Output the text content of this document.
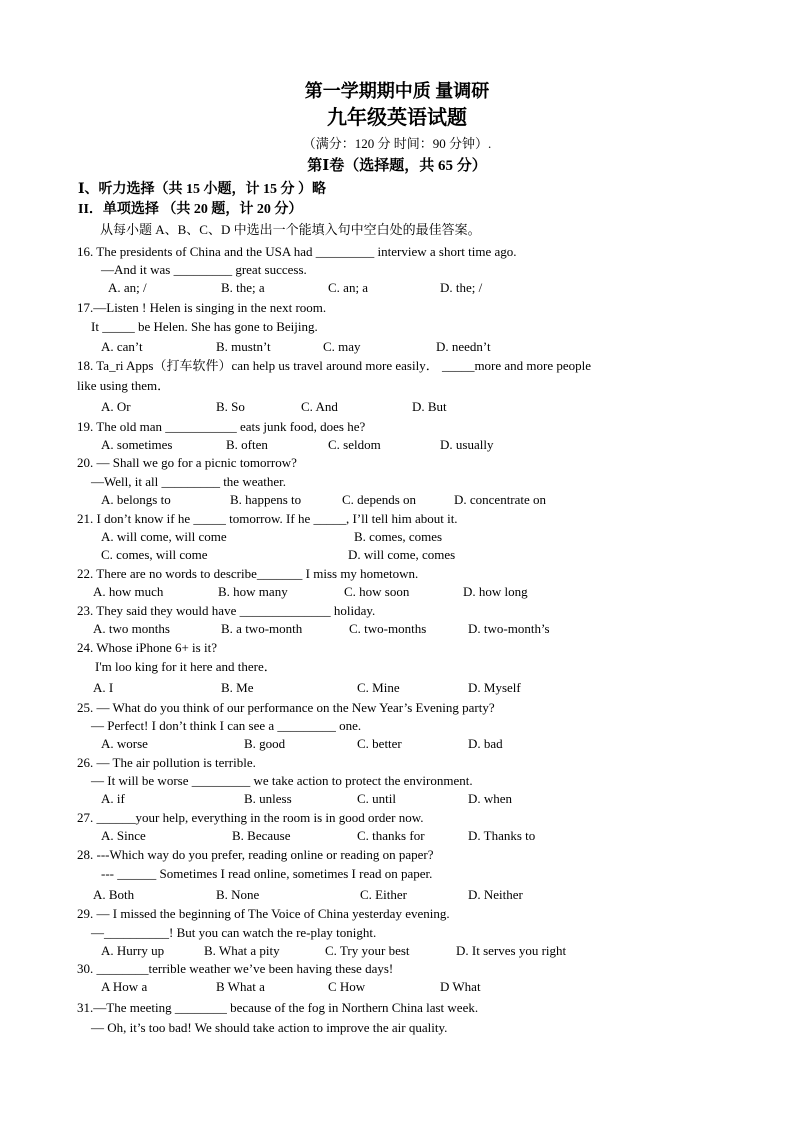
第一学期期中质 量调研
九年级英语试题
（满分：120 分 时间：90 分钟）.
第Ⅰ卷（选择题，共 65 分）
Ⅰ、听力选择（共 15 小题，计 15 分 ）略
II．单项选择 （共 20 题，计 20 分）
从每小题 A、B、C、D 中选出一个能填入句中空白处的最佳答案。
16. The presidents of China and the USA had _________ interview a short time ago.
—And it was _________ great success.
A. an; /	B. the; a	C. an; a	D. the; /
17.—Listen ! Helen is singing in the next room.
It _____ be Helen. She has gone to Beijing.
A. can’t	B. mustn’t	C. may	D. needn’t
18. Ta_ri Apps（打车软件）can help us travel around more easily． _____more and more people
like using them．
A. Or	B. So	C. And	D. But
19. The old man ___________ eats junk food, does he?
A. sometimes	B. often	C. seldom	D. usually
20. — Shall we go for a picnic tomorrow?
—Well, it all _________ the weather.
A. belongs to	B. happens to	C. depends on	D. concentrate on
21. I don’t know if he _____ tomorrow. If he _____, I’ll tell him about it.
A. will come, will come	B. comes, comes
C. comes, will come	D. will come, comes
22. There are no words to describe_______ I miss my hometown.
A. how much	B. how many	C. how soon	D. how long
23. They said they would have ______________ holiday.
A. two months	B. a two-month	C. two-months	D. two-month’s
24. Whose iPhone 6+ is it?
I'm loo king for it here and there．
A. I	B. Me	C. Mine	D. Myself
25. — What do you think of our performance on the New Year’s Evening party?
— Perfect! I don’t think I can see a _________ one.
A. worse	B. good	C. better	D. bad
26. — The air pollution is terrible.
— It will be worse _________ we take action to protect the environment.
A. if	B. unless	C. until	D. when
27. ______your help, everything in the room is in good order now.
A. Since	B. Because	C. thanks for	D. Thanks to
28. ---Which way do you prefer, reading online or reading on paper?
--- ______ Sometimes I read online, sometimes I read on paper.
A. Both	B. None	C. Either	D. Neither
29. — I missed the beginning of The Voice of China yesterday evening.
—__________! But you can watch the re-play tonight.
A. Hurry up	B. What a pity	C. Try your best	D. It serves you right
30. ________terrible weather we’ve been having these days!
A How a	B What a	C How	D What
31.—The meeting ________ because of the fog in Northern China last week.
— Oh, it’s too bad! We should take action to improve the air quality.
